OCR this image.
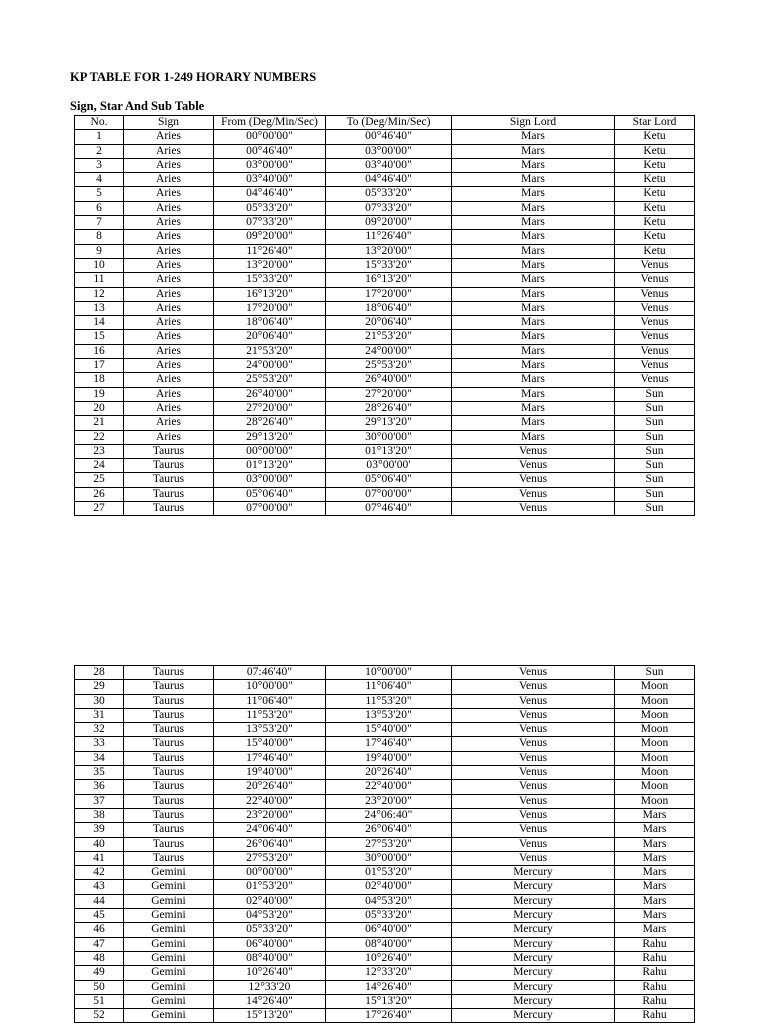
KP TABLE FOR 1-249 HORARY NUMBERS
Sign, Star And Sub Table
No.	Sign	From (Deg/Min/Sec)	To (Deg/Min/Sec)	Sign Lord	Star Lord	
1	Aries	00°00'00"	00°46'40"	Mars	Ketu	
2	Aries	00°46'40"	03°00'00"	Mars	Ketu	
3	Aries	03°00'00"	03°40'00"	Mars	Ketu	
4	Aries	03°40'00"	04°46'40"	Mars	Ketu	
5	Aries	04°46'40"	05°33'20"	Mars	Ketu	
6	Aries	05°33'20"	07°33'20"	Mars	Ketu	
7	Aries	07°33'20"	09°20'00"	Mars	Ketu	
8	Aries	09°20'00"	11°26'40"	Mars	Ketu	
9	Aries	11°26'40"	13°20'00"	Mars	Ketu	
10	Aries	13°20'00"	15°33'20"	Mars	Venus	
11	Aries	15°33'20"	16°13'20"	Mars	Venus	
12	Aries	16°13'20"	17°20'00"	Mars	Venus	
13	Aries	17°20'00"	18°06'40"	Mars	Venus	
14	Aries	18°06'40"	20°06'40"	Mars	Venus	
15	Aries	20°06'40"	21°53'20"	Mars	Venus	
16	Aries	21°53'20"	24°00'00"	Mars	Venus	
17	Aries	24°00'00"	25°53'20"	Mars	Venus	
18	Aries	25°53'20"	26°40'00"	Mars	Venus	
19	Aries	26°40'00"	27°20'00"	Mars	Sun	
20	Aries	27°20'00"	28°26'40"	Mars	Sun	
21	Aries	28°26'40"	29°13'20"	Mars	Sun	
22	Aries	29°13'20"	30°00'00"	Mars	Sun	
23	Taurus	00°00'00"	01°13'20"	Venus	Sun	
24	Taurus	01°13'20"	03°00'00'	Venus	Sun	
25	Taurus	03°00'00"	05°06'40"	Venus	Sun	
26	Taurus	05°06'40"	07°00'00"	Venus	Sun	
27	Taurus	07°00'00"	07°46'40"	Venus	Sun	
28	Taurus	07:46'40"	10°00'00"	Venus	Sun	
29	Taurus	10°00'00"	11°06'40"	Venus	Moon	
30	Taurus	11°06'40"	11°53'20"	Venus	Moon	
31	Taurus	11°53'20"	13°53'20"	Venus	Moon	
32	Taurus	13°53'20"	15°40'00"	Venus	Moon	
33	Taurus	15°40'00"	17°46'40"	Venus	Moon	
34	Taurus	17°46'40"	19°40'00"	Venus	Moon	
35	Taurus	19°40'00"	20°26'40"	Venus	Moon	
36	Taurus	20°26'40"	22°40'00"	Venus	Moon	
37	Taurus	22°40'00"	23°20'00"	Venus	Moon	
38	Taurus	23°20'00"	24°06:40"	Venus	Mars	
39	Taurus	24°06'40"	26°06'40"	Venus	Mars	
40	Taurus	26°06'40"	27°53'20"	Venus	Mars	
41	Taurus	27°53'20"	30°00'00"	Venus	Mars	
42	Gemini	00°00'00"	01°53'20"	Mercury	Mars	
43	Gemini	01°53'20"	02°40'00"	Mercury	Mars	
44	Gemini	02°40'00"	04°53'20"	Mercury	Mars	
45	Gemini	04°53'20"	05°33'20"	Mercury	Mars	
46	Gemini	05°33'20"	06°40'00"	Mercury	Mars	
47	Gemini	06°40'00"	08°40'00"	Mercury	Rahu	
48	Gemini	08°40'00"	10°26'40"	Mercury	Rahu	
49	Gemini	10°26'40"	12°33'20"	Mercury	Rahu	
50	Gemini	12°33'20	14°26'40"	Mercury	Rahu	
51	Gemini	14°26'40"	15°13'20"	Mercury	Rahu	
52	Gemini	15°13'20"	17°26'40"	Mercury	Rahu	
